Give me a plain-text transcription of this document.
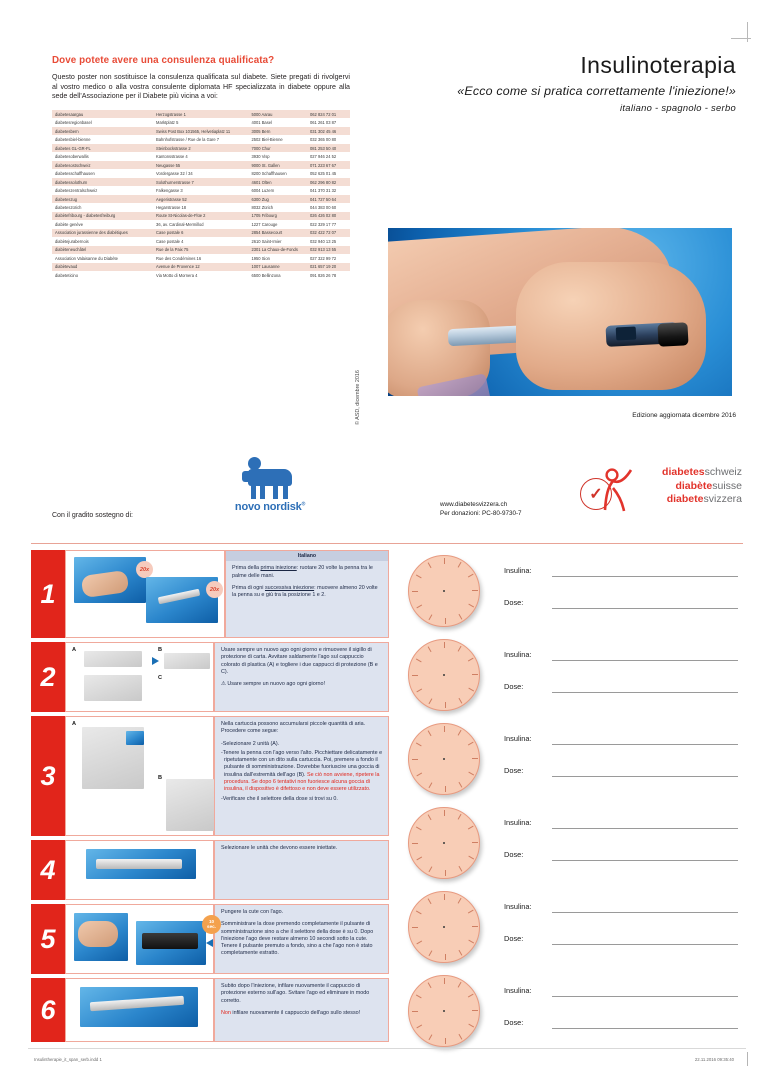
Dove potete avere una consulenza qualificata?

Questo poster non sostituisce la consulenza qualificata sul diabete. Siete pregati di rivolgervi al vostro medico o alla vostra consulente diplomata HF specializzata in diabete oppure alla sede dell'Associazione per il Diabete più vicina a voi:

diabetesaargau	Herzogstrasse 1	5000 Aarau	062 824 72 01
diabetesregionbasel	Marktplatz 5	4001 Basel	061 261 03 87
diabetesbern	Swiss Post Box 101565, Helvetiaplatz 11	3005 Bern	031 302 45 46
diabetesbiel-bienne	Bahnhofstrasse / Rue de la Gare 7	2502 Biel-Bienne	032 365 00 80
diabetes GL-GR-FL	Steinbockstrasse 2	7000 Chur	081 253 50 40
diabetesoberwallis	Kantonsstrasse 4	3930 Visp	027 946 24 52
diabetesostschweiz	Neugasse 55	9000 St. Gallen	071 223 67 67
diabetesschaffhausen	Vordergasse 32 / 34	8200 Schaffhausen	052 625 01 45
diabetessolothurn	Solothurnerstrasse 7	4601 Olten	062 296 80 82
diabeteszentralschweiz	Falkengasse 3	6004 Luzern	041 370 31 32
diabeteszug	Aegeristrasse 52	6300 Zug	041 727 50 64
diabeteszürich	Hegarstrasse 18	8032 Zürich	044 383 00 60
diabètefribourg - diabetesfreiburg	Route St-Nicolas-de-Flüe 2	1705 Fribourg	026 426 02 80
diabète genève	36, av. Cardinal-Mermillod	1227 Carouge	022 329 17 77
Association jurassienne des diabétiques	Case postale 6	2854 Bassecourt	032 422 72 07
diabètejurabernois	Case postale 4	2610 Saint-Imier	032 940 13 25
diabèteneuchâtel	Rue de la Paix 75	2301 La Chaux-de-Fonds	032 913 13 55
Association Valaisanne du Diabète	Rue des Condémines 16	1950 Sion	027 322 99 72
diabètevaud	Avenue de Provence 12	1007 Lausanne	021 657 19 20
diabeteticino	Via Motto di Mornera 4	6500 Bellinzona	091 826 26 78
Insulinoterapia
«Ecco come si pratica correttamente l'iniezione!»
italiano - spagnolo - serbo
Edizione aggiornata dicembre 2016
Con il gradito sostegno di:
novo nordisk®
© ASD, dicembre 2016
www.diabetesvizzera.ch
Per donazioni: PC-80-9730-7
✓
diabetesschweiz
diabètesuisse
diabetesvizzera
1
20x
20x
Italiano

Prima della prima iniezione: ruotare 20 volte la penna tra le palme delle mani.

Prima di ogni successiva iniezione: muovere almeno 20 volte la penna su e giù tra la posizione 1 e 2.

2
A	B
C

Usare sempre un nuovo ago ogni giorno e rimuovere il sigillo di protezione di carta. Avvitare saldamente l'ago sul cappuccio colorato di plastica (A) e togliere i due cappucci di protezione (B e C).

⚠ Usare sempre un nuovo ago ogni giorno!

3
A
B

Nella cartuccia possono accumularsi piccole quantità di aria. Procedere come segue:

-Selezionare 2 unità (A).
-Tenere la penna con l'ago verso l'alto. Picchiettare delicatamente e ripetutamente con un dito sulla cartuccia. Poi, premere a fondo il pulsante di somministrazione. Dovrebbe fuoriuscire una goccia di insulina dall'estremità dell'ago (B). Se ciò non avviene, ripetere la procedura. Se dopo 6 tentativi non fuoriesce alcuna goccia di insulina, il dispositivo è difettoso e non deve essere utilizzato.
-Verificare che il selettore della dose si trovi su 0.
4

Selezionare le unità che devono essere iniettate.

5
10
sec.

Pungere la cute con l'ago.

Somministrare la dose premendo completamente il pulsante di somministrazione sino a che il selettore della dose è su 0. Dopo l'iniezione l'ago deve restare almeno 10 secondi sotto la cute. Tenere il pulsante premuto a fondo, sino a che l'ago non è stato completamente estratto.

6

Subito dopo l'iniezione, infilare nuovamente il cappuccio di protezione esterno sull'ago. Svitare l'ago ed eliminare in modo corretto.

Non infilare nuovamente il cappuccio dell'ago sullo stesso!

Insulina:
Dose:
Insulina:
Dose:
Insulina:
Dose:
Insulina:
Dose:
Insulina:
Dose:
Insulina:
Dose:
Insulintherapie_it_span_serb.indd 1	22.11.2016 09:35:40
